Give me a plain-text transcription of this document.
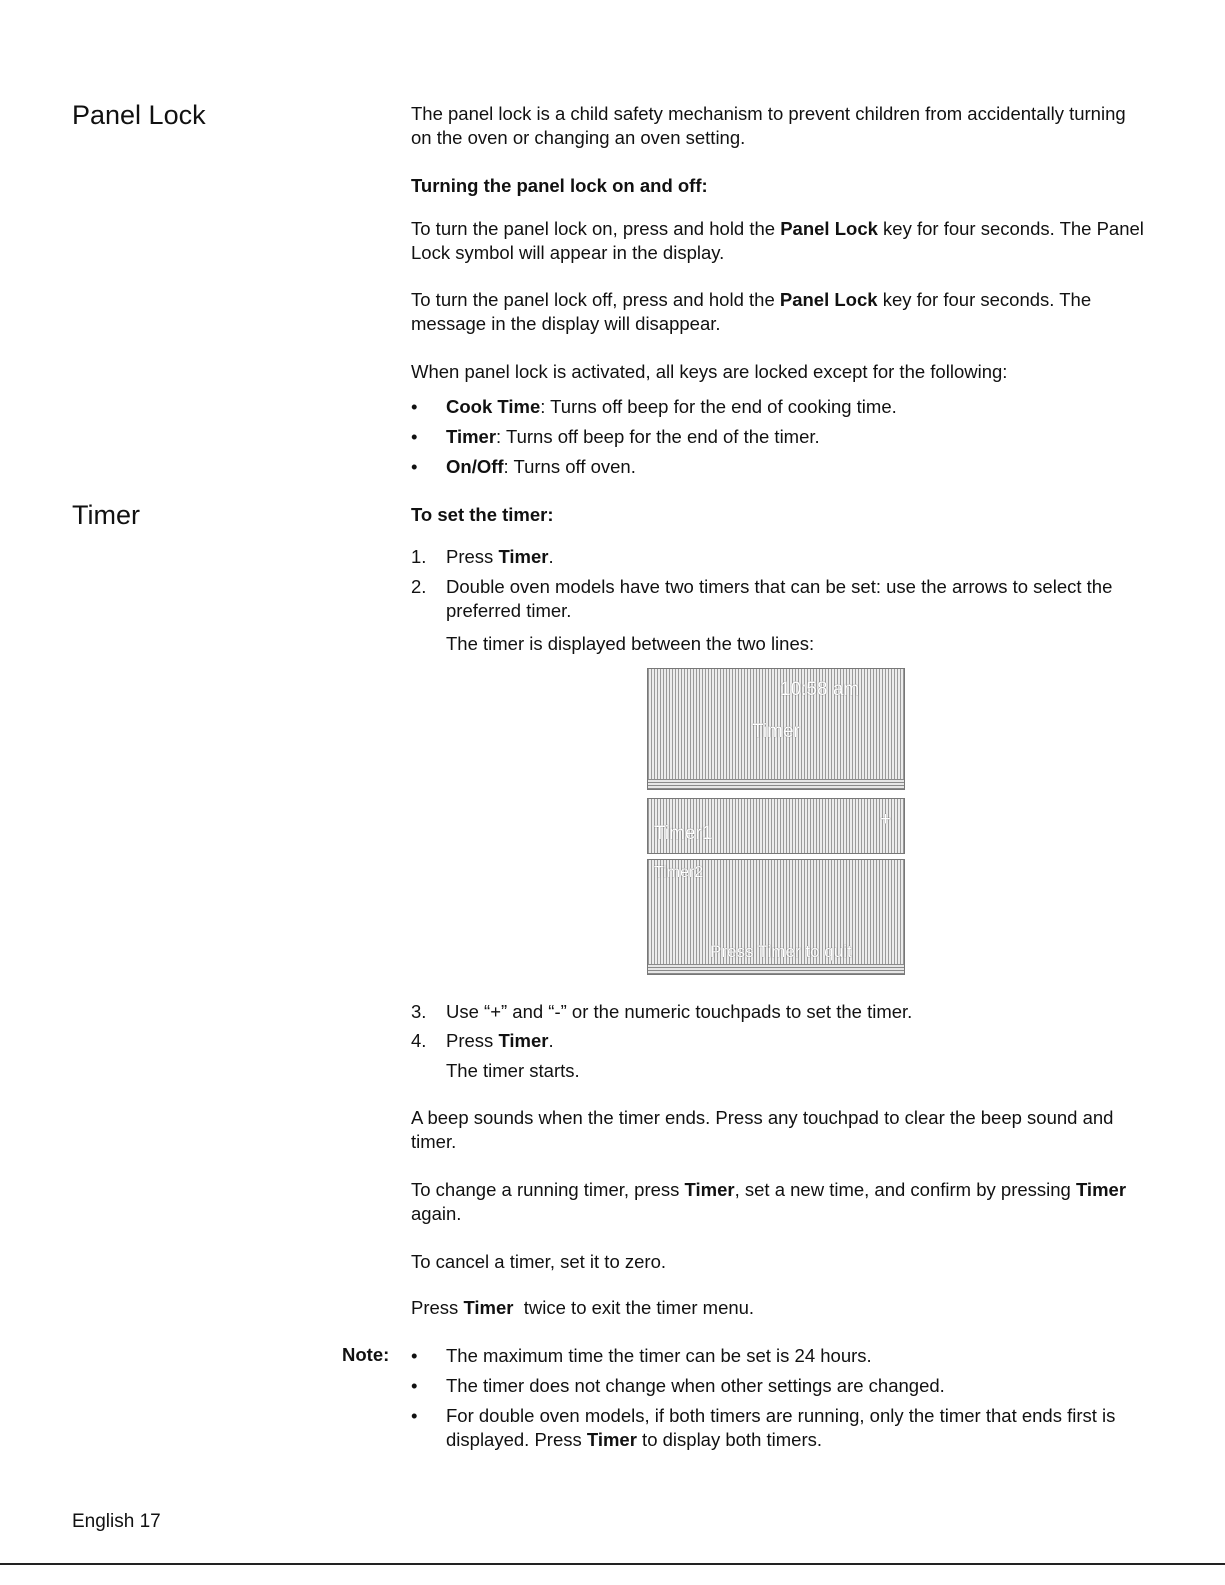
Panel Lock
Timer

The panel lock is a child safety mechanism to prevent children from accidentally turning on the oven or changing an oven setting.

Turning the panel lock on and off:

To turn the panel lock on, press and hold the Panel Lock key for four seconds. The Panel Lock symbol will appear in the display.

To turn the panel lock off, press and hold the Panel Lock key for four seconds. The message in the display will disappear.

When panel lock is activated, all keys are locked except for the following:

• Cook Time: Turns off beep for the end of cooking time.
• Timer: Turns off beep for the end of the timer.
• On/Off: Turns off oven.

To set the timer:

1. Press Timer.
2. Double oven models have two timers that can be set: use the arrows to select the preferred timer.

The timer is displayed between the two lines:

10:58 am
Timer
Timer1
+
Timer2
Press Timer to quit
3. Use “+” and “-” or the numeric touchpads to set the timer.
4. Press Timer.

The timer starts.

A beep sounds when the timer ends. Press any touchpad to clear the beep sound and timer.

To change a running timer, press Timer, set a new time, and confirm by pressing Timer again.

To cancel a timer, set it to zero.

Press Timer  twice to exit the timer menu.

• The maximum time the timer can be set is 24 hours.
• The timer does not change when other settings are changed.
• For double oven models, if both timers are running, only the timer that ends first is displayed. Press Timer to display both timers.
Note:
English 17
